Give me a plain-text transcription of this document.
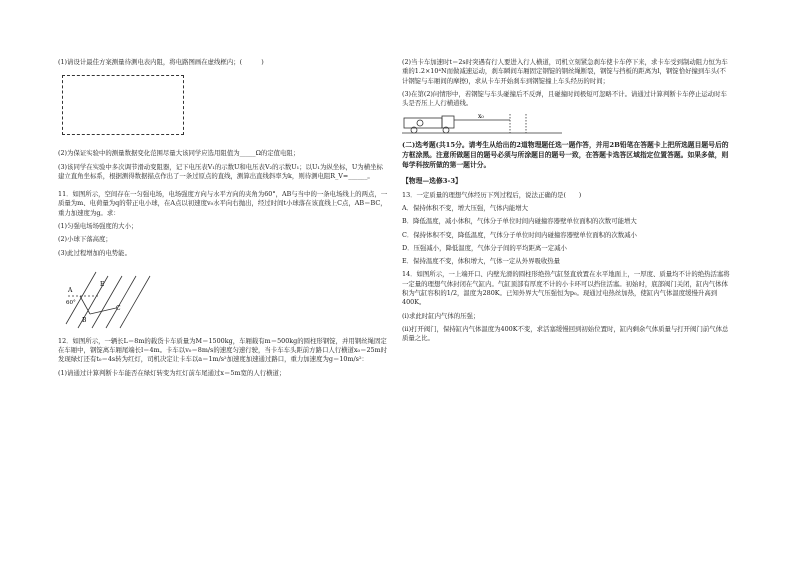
(1)请设计最佳方案测量待测电表内阻，将电路图画在虚线框内；(　　　)

(2)为保证实验中的测量数据变化范围尽量大该同学应选用阻值为_____Ω的定值电阻；

(3)该同学在实验中多次调节滑动变阻器，记下电压表V₁的示数U和电压表V₂的示数U₁；以U₁为纵坐标，U为横坐标建立直角坐标系，根据测得数据描点作出了一条过原点的直线，测算出直线斜率为k，则待测电阻R_V=______。

11．如图所示，空间存在一匀强电场，电场强度方向与水平方向的夹角为60°，AB与当中的一条电场线上的两点，一质量为m、电荷量为q的带正电小球，在A点以初速度v₀水平向右抛出，经过时间t小球落在该直线上C点，AB＝BC，重力加速度为g。求：

(1)匀强电场场强度的大小；

(2)小球下落高度；

(3)此过程增加的电势能。

A
B
C
E
60°

12．如图所示，一辆长L＝8m的载货卡车质量为M＝1500kg，车厢载有m＝500kg的圆柱形钢锭，并用钢丝绳固定在车厢中，钢锭离车厢尾端长l＝4m。卡车以v₀＝8m/s的速度匀速行驶，当卡车车头距前方路口人行横道x₀＝25m时发现绿灯还有t₀＝4s转为红灯，司机决定让卡车以a＝1m/s²加速度加速通过路口，重力加速度为g＝10m/s²：

(1)请通过计算判断卡车能否在绿灯转变为红灯前车尾通过x＝5m宽的人行横道；

(2)当卡车加速时t＝2s时突遇有行人要进入行人横道，司机立刻紧急刹车使卡车停下来，求卡车受到制动阻力恒为车重的1.2×10⁴N而做减速运动，刹车瞬间车厢固定钢锭的钢丝绳断裂，钢锭与挡板的距离为l，钢锭恰好撞到车头(不计钢锭与车厢间的摩擦)，求从卡车开始刹车到钢锭撞上车头经历的时间；

(3)在第(2)问情形中，若钢锭与车头碰撞后不反弹，且碰撞时间极短可忽略不计。请通过计算判断卡车停止运动时车头是否压上人行横道线。

x₀

(二)选考题(共15分。请考生从给出的2道物理题任选一题作答，并用2B铅笔在答题卡上把所选题目题号后的方框涂黑。注意所做题目的题号必须与所涂题目的题号一致，在答题卡选答区域指定位置答题。如果多做，则每学科按所做的第一题计分。

【物理—选修3-3】

13．一定质量的理想气体经历下列过程后，说法正确的是(　　)

A．保持体积不变，增大压强，气体内能增大

B．降低温度，减小体积，气体分子单位时间内碰撞容器壁单位面积的次数可能增大

C．保持体积不变，降低温度，气体分子单位时间内碰撞容器壁单位面积的次数减小

D．压强减小，降低温度，气体分子间的平均距离一定减小

E．保持温度不变，体积增大，气体一定从外界吸收热量

14．如图所示，一上端开口、内壁光滑的圆柱形绝热气缸竖直放置在水平地面上，一厚度、质量均不计的绝热活塞将一定量的理想气体封闭在气缸内。气缸顶部有厚度不计的小卡环可以挡住活塞。初始时，底部阀门关闭，缸内气体体积为气缸容积的1/2，温度为280K。已知外界大气压强恒为p₀。现通过电热丝加热，使缸内气体温度缓慢升高到400K。

(ⅰ)求此时缸内气体的压强；

(ⅱ)打开阀门，保持缸内气体温度为400K不变，求活塞缓慢回到初始位置时，缸内剩余气体质量与打开阀门前气体总质量之比。
